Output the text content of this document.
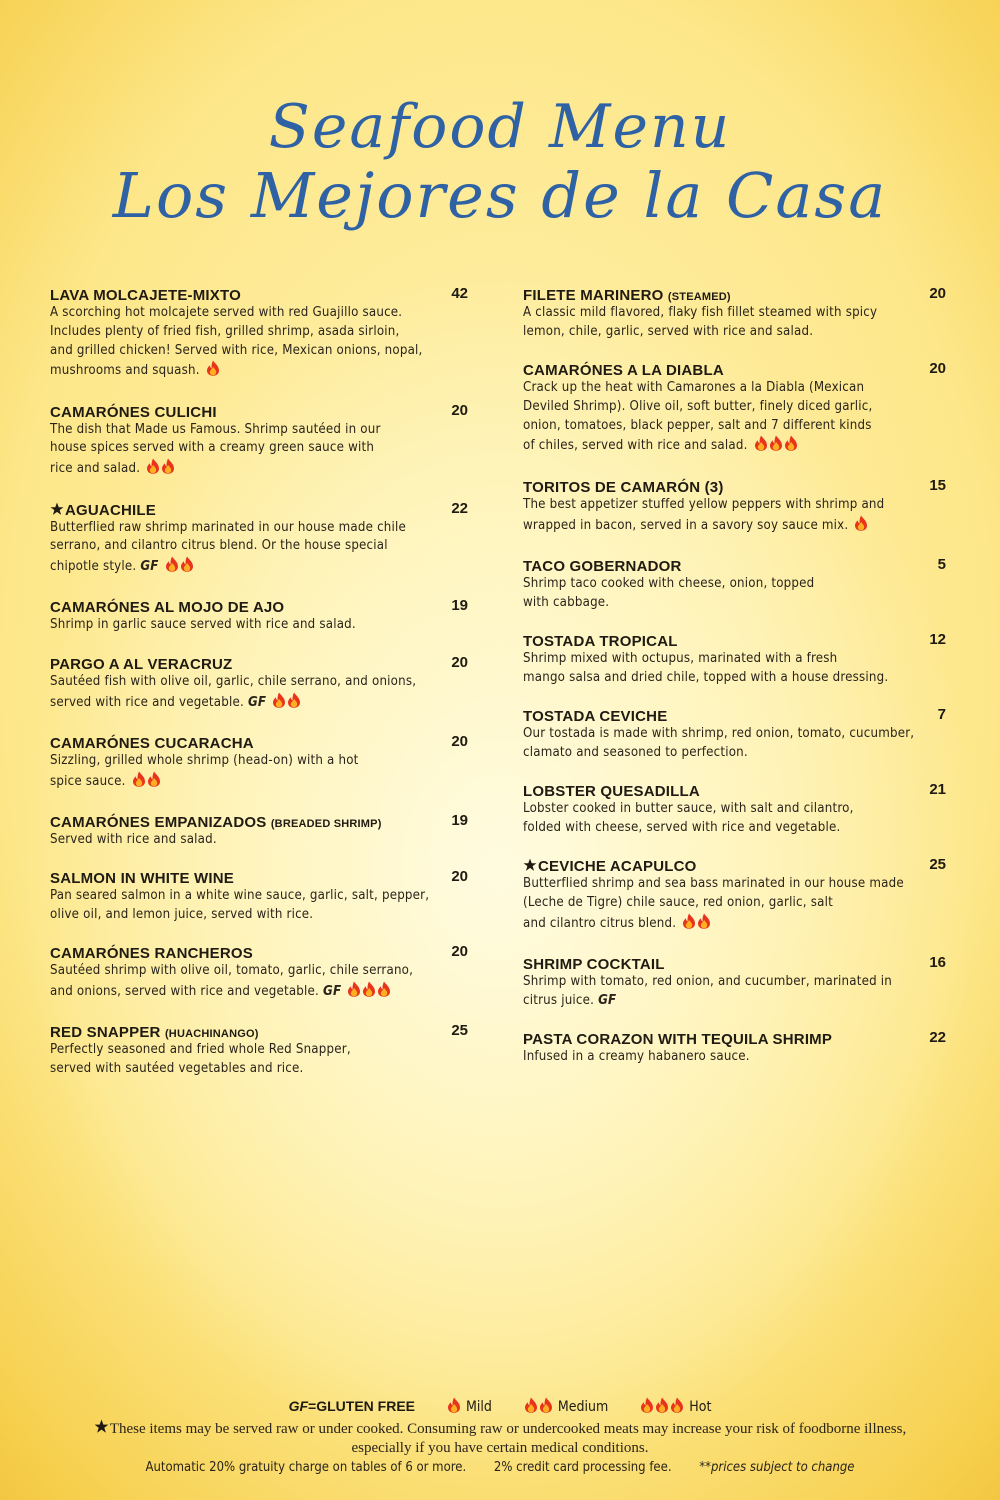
Seafood Menu
Los Mejores de la Casa
LAVA MOLCAJETE-MIXTO	42
A scorching hot molcajete served with red Guajillo sauce.
Includes plenty of fried fish, grilled shrimp, asada sirloin,
and grilled chicken! Served with rice, Mexican onions, nopal,
mushrooms and squash.
CAMARÓNES CULICHI	20
The dish that Made us Famous. Shrimp sautéed in our
house spices served with a creamy green sauce with
rice and salad.
AGUACHILE	22
Butterflied raw shrimp marinated in our house made chile
serrano, and cilantro citrus blend. Or the house special
chipotle style. GF
CAMARÓNES AL MOJO DE AJO	19
Shrimp in garlic sauce served with rice and salad.
PARGO A AL VERACRUZ	20
Sautéed fish with olive oil, garlic, chile serrano, and onions,
served with rice and vegetable. GF
CAMARÓNES CUCARACHA	20
Sizzling, grilled whole shrimp (head-on) with a hot
spice sauce.
CAMARÓNES EMPANIZADOS (BREADED SHRIMP)	19
Served with rice and salad.
SALMON IN WHITE WINE	20
Pan seared salmon in a white wine sauce, garlic, salt, pepper,
olive oil, and lemon juice, served with rice.
CAMARÓNES RANCHEROS	20
Sautéed shrimp with olive oil, tomato, garlic, chile serrano,
and onions, served with rice and vegetable. GF
RED SNAPPER (HUACHINANGO)	25
Perfectly seasoned and fried whole Red Snapper,
served with sautéed vegetables and rice.
FILETE MARINERO (STEAMED)	20
A classic mild flavored, flaky fish fillet steamed with spicy
lemon, chile, garlic, served with rice and salad.
CAMARÓNES A LA DIABLA	20
Crack up the heat with Camarones a la Diabla (Mexican
Deviled Shrimp). Olive oil, soft butter, finely diced garlic,
onion, tomatoes, black pepper, salt and 7 different kinds
of chiles, served with rice and salad.
TORITOS DE CAMARÓN (3)	15
The best appetizer stuffed yellow peppers with shrimp and
wrapped in bacon, served in a savory soy sauce mix.
TACO GOBERNADOR	5
Shrimp taco cooked with cheese, onion, topped
with cabbage.
TOSTADA TROPICAL	12
Shrimp mixed with octupus, marinated with a fresh
mango salsa and dried chile, topped with a house dressing.
TOSTADA CEVICHE	7
Our tostada is made with shrimp, red onion, tomato, cucumber,
clamato and seasoned to perfection.
LOBSTER QUESADILLA	21
Lobster cooked in butter sauce, with salt and cilantro,
folded with cheese, served with rice and vegetable.
CEVICHE ACAPULCO	25
Butterflied shrimp and sea bass marinated in our house made
(Leche de Tigre) chile sauce, red onion, garlic, salt
and cilantro citrus blend.
SHRIMP COCKTAIL	16
Shrimp with tomato, red onion, and cucumber, marinated in
citrus juice. GF
PASTA CORAZON WITH TEQUILA SHRIMP	22
Infused in a creamy habanero sauce.
GF=GLUTEN FREE	Mild	Medium	Hot
These items may be served raw or under cooked. Consuming raw or undercooked meats may increase your risk of foodborne illness,
especially if you have certain medical conditions.
Automatic 20% gratuity charge on tables of 6 or more. 2% credit card processing fee. **prices subject to change
